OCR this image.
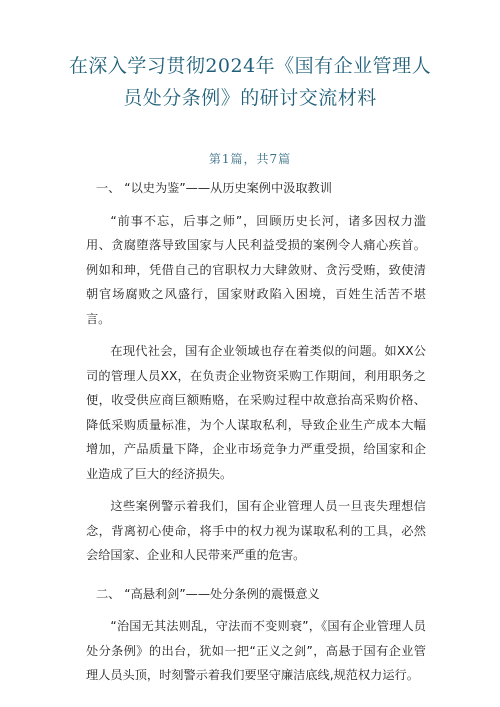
在深入学习贯彻2024年《国有企业管理人员处分条例》的研讨交流材料
第1篇，共7篇
一、 “以史为鉴”——从历史案例中汲取教训

“前事不忘，后事之师”，回顾历史长河，诸多因权力滥用、贪腐堕落导致国家与人民利益受损的案例令人痛心疾首。例如和珅，凭借自己的官职权力大肆敛财、贪污受贿，致使清朝官场腐败之风盛行，国家财政陷入困境，百姓生活苦不堪言。

在现代社会，国有企业领域也存在着类似的问题。如XX公司的管理人员XX，在负责企业物资采购工作期间，利用职务之便，收受供应商巨额贿赂，在采购过程中故意抬高采购价格、降低采购质量标准，为个人谋取私利，导致企业生产成本大幅增加，产品质量下降，企业市场竞争力严重受损，给国家和企业造成了巨大的经济损失。

这些案例警示着我们，国有企业管理人员一旦丧失理想信念，背离初心使命，将手中的权力视为谋取私利的工具，必然会给国家、企业和人民带来严重的危害。

二、 “高悬利剑”——处分条例的震慑意义

“治国无其法则乱，守法而不变则衰”，《国有企业管理人员处分条例》的出台，犹如一把“正义之剑”，高悬于国有企业管理人员头顶，时刻警示着我们要坚守廉洁底线,规范权力运行。
